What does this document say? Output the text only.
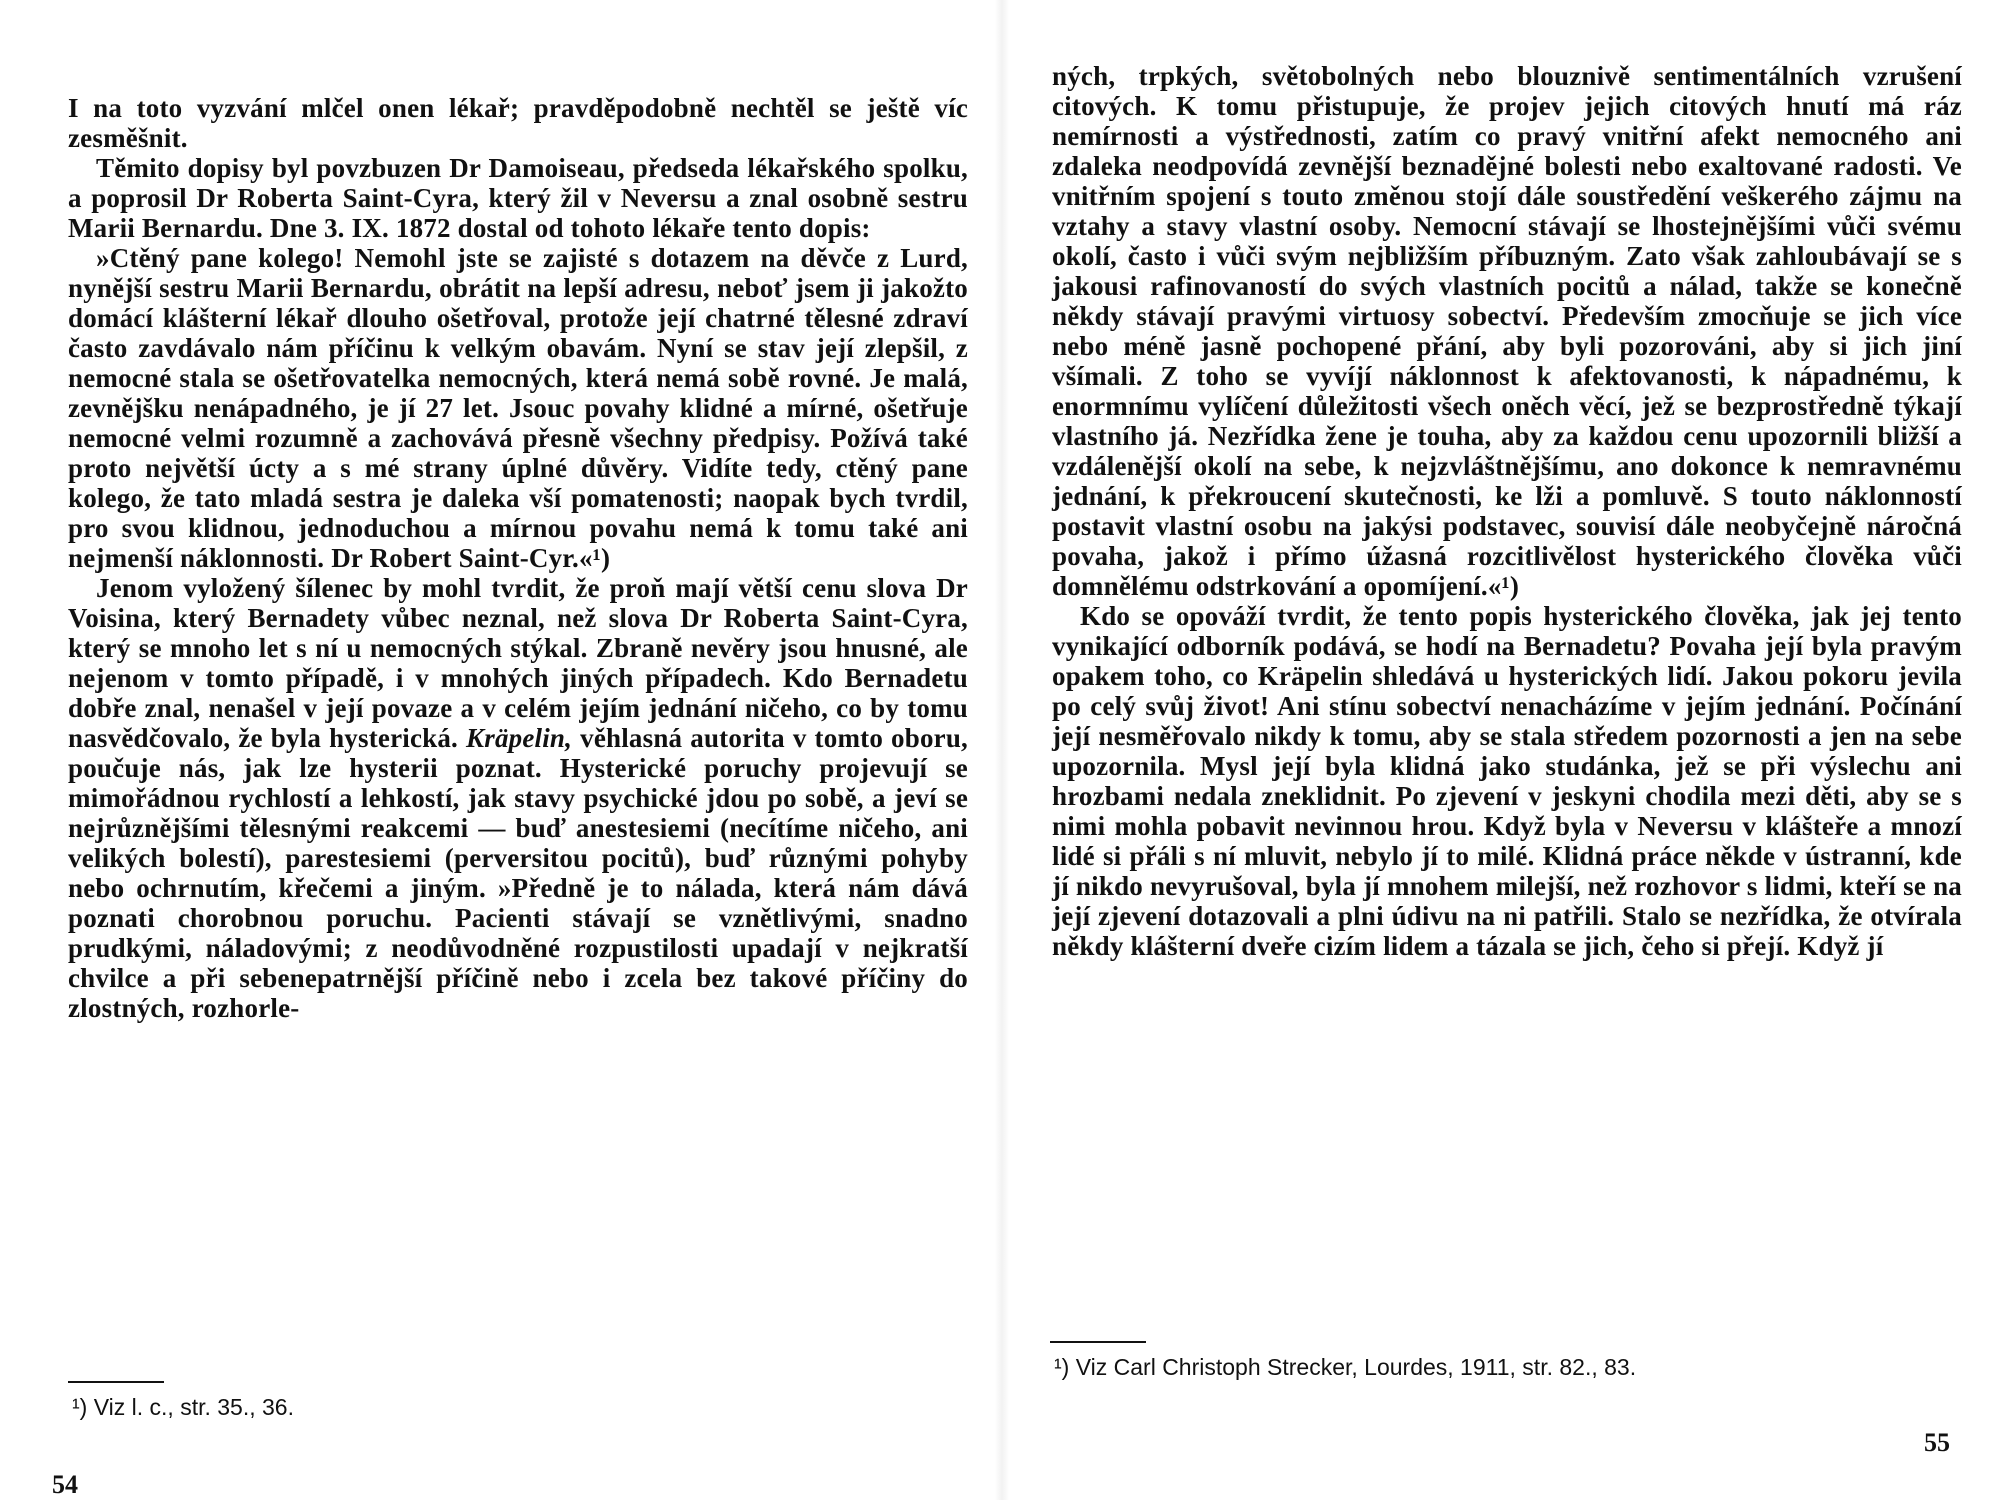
I na toto vyzvání mlčel onen lékař; pravděpodobně nechtěl se ještě víc zesměšnit.

Těmito dopisy byl povzbuzen Dr Damoiseau, předseda lékařského spolku, a poprosil Dr Roberta Saint-Cyra, který žil v Neversu a znal osobně sestru Marii Bernardu. Dne 3. IX. 1872 dostal od tohoto lékaře tento dopis:

»Ctěný pane kolego! Nemohl jste se zajisté s dotazem na děvče z Lurd, nynější sestru Marii Bernardu, obrátit na lepší adresu, neboť jsem ji jakožto domácí klášterní lékař dlouho ošetřoval, protože její chatrné tělesné zdraví často zavdávalo nám příčinu k velkým obavám. Nyní se stav její zlepšil, z nemocné stala se ošetřovatelka nemocných, která nemá sobě rovné. Je malá, zevnějšku nenápadného, je jí 27 let. Jsouc povahy klidné a mírné, ošetřuje nemocné velmi rozumně a zachovává přesně všechny předpisy. Požívá také proto největší úcty a s mé strany úplné důvěry. Vidíte tedy, ctěný pane kolego, že tato mladá sestra je daleka vší pomatenosti; naopak bych tvrdil, pro svou klidnou, jednoduchou a mírnou povahu nemá k tomu také ani nejmenší náklonnosti. Dr Robert Saint-Cyr.«¹)

Jenom vyložený šílenec by mohl tvrdit, že proň mají větší cenu slova Dr Voisina, který Bernadety vůbec neznal, než slova Dr Roberta Saint-Cyra, který se mnoho let s ní u nemocných stýkal. Zbraně nevěry jsou hnusné, ale nejenom v tomto případě, i v mnohých jiných případech. Kdo Bernadetu dobře znal, nenašel v její povaze a v celém jejím jednání ničeho, co by tomu nasvědčovalo, že byla hysterická. Kräpelin, věhlasná autorita v tomto oboru, poučuje nás, jak lze hysterii poznat. Hysterické poruchy projevují se mimořádnou rychlostí a lehkostí, jak stavy psychické jdou po sobě, a jeví se nejrůznějšími tělesnými reakcemi — buď anestesiemi (necítíme ničeho, ani velikých bolestí), parestesiemi (perversitou pocitů), buď různými pohyby nebo ochrnutím, křečemi a jiným. »Předně je to nálada, která nám dává poznati chorobnou poruchu. Pacienti stávají se vznětlivými, snadno prudkými, náladovými; z neodůvodněné rozpustilosti upadají v nejkratší chvilce a při sebenepatrnější příčině nebo i zcela bez takové příčiny do zlostných, rozhorle-

¹) Viz l. c., str. 35., 36.
54

ných, trpkých, světobolných nebo blouznivě sentimentálních vzrušení citových. K tomu přistupuje, že projev jejich citových hnutí má ráz nemírnosti a výstřednosti, zatím co pravý vnitřní afekt nemocného ani zdaleka neodpovídá zevnější beznadějné bolesti nebo exaltované radosti. Ve vnitřním spojení s touto změnou stojí dále soustředění veškerého zájmu na vztahy a stavy vlastní osoby. Nemocní stávají se lhostejnějšími vůči svému okolí, často i vůči svým nejbližším příbuzným. Zato však zahloubávají se s jakousi rafinovaností do svých vlastních pocitů a nálad, takže se konečně někdy stávají pravými virtuosy sobectví. Především zmocňuje se jich více nebo méně jasně pochopené přání, aby byli pozorováni, aby si jich jiní všímali. Z toho se vyvíjí náklonnost k afektovanosti, k nápadnému, k enormnímu vylíčení důležitosti všech oněch věcí, jež se bezprostředně týkají vlastního já. Nezřídka žene je touha, aby za každou cenu upozornili bližší a vzdálenější okolí na sebe, k nejzvláštnějšímu, ano dokonce k nemravnému jednání, k překroucení skutečnosti, ke lži a pomluvě. S touto náklonností postavit vlastní osobu na jakýsi podstavec, souvisí dále neobyčejně náročná povaha, jakož i přímo úžasná rozcitlivělost hysterického člověka vůči domnělému odstrkování a opomíjení.«¹)

Kdo se opováží tvrdit, že tento popis hysterického člověka, jak jej tento vynikající odborník podává, se hodí na Bernadetu? Povaha její byla pravým opakem toho, co Kräpelin shledává u hysterických lidí. Jakou pokoru jevila po celý svůj život! Ani stínu sobectví nenacházíme v jejím jednání. Počínání její nesměřovalo nikdy k tomu, aby se stala středem pozornosti a jen na sebe upozornila. Mysl její byla klidná jako studánka, jež se při výslechu ani hrozbami nedala zneklidnit. Po zjevení v jeskyni chodila mezi děti, aby se s nimi mohla pobavit nevinnou hrou. Když byla v Neversu v klášteře a mnozí lidé si přáli s ní mluvit, nebylo jí to milé. Klidná práce někde v ústranní, kde jí nikdo nevyrušoval, byla jí mnohem milejší, než rozhovor s lidmi, kteří se na její zjevení dotazovali a plni údivu na ni patřili. Stalo se nezřídka, že otvírala někdy klášterní dveře cizím lidem a tázala se jich, čeho si přejí. Když jí

¹) Viz Carl Christoph Strecker, Lourdes, 1911, str. 82., 83.
55
